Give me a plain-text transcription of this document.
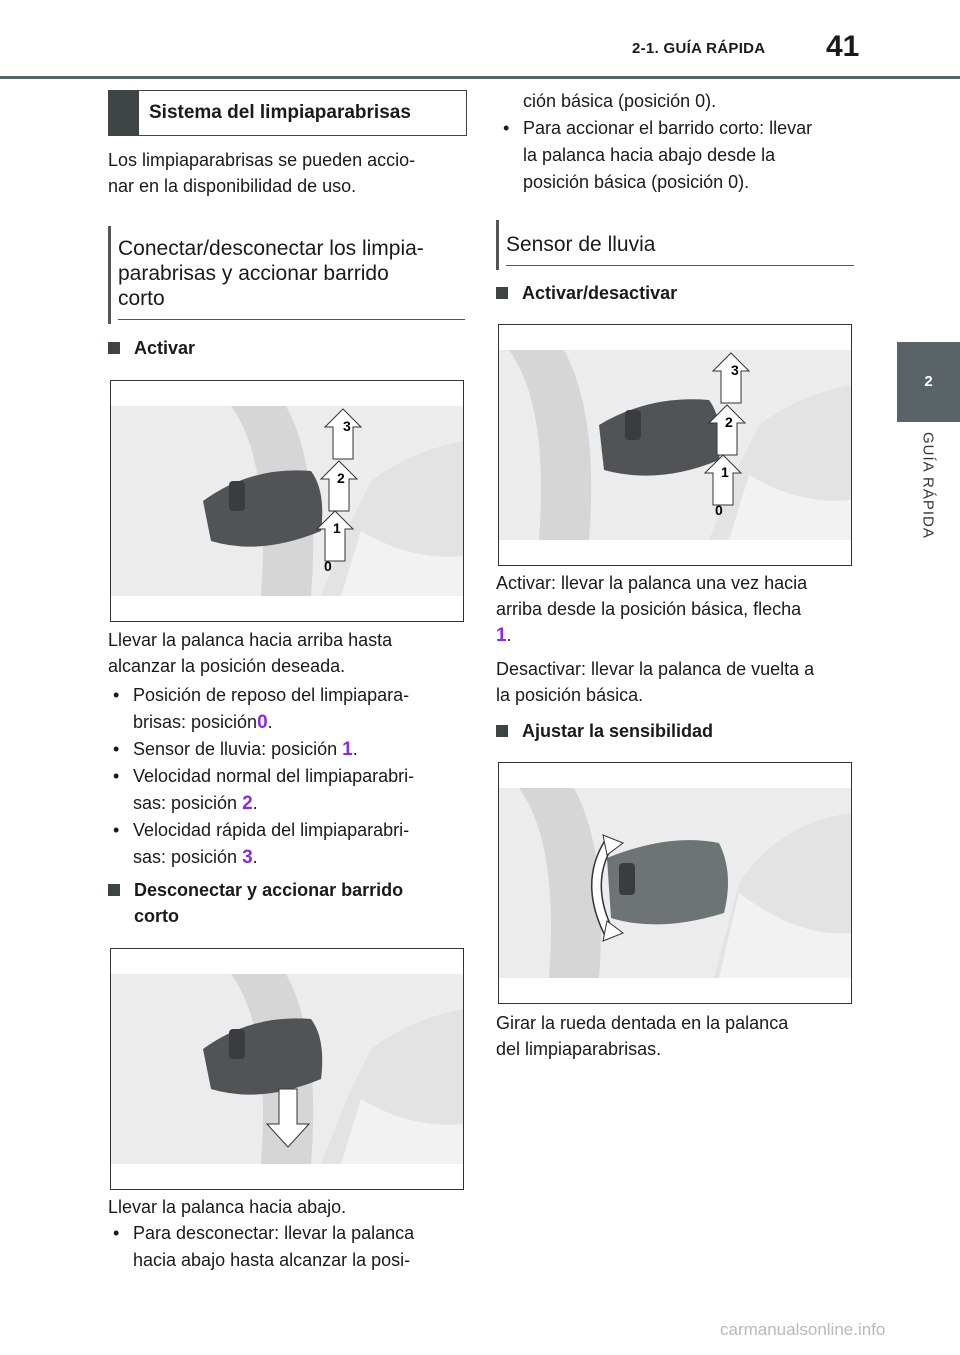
2-1. GUÍA RÁPIDA 41
2
GUÍA RÁPIDA
Sistema del limpiaparabrisas
Los limpiaparabrisas se pueden accio-
nar en la disponibilidad de uso.
Conectar/desconectar los limpia-
parabrisas y accionar barrido
corto
Activar
3
2
1
0
Llevar la palanca hacia arriba hasta
alcanzar la posición deseada.
• Posición de reposo del limpiapara-
brisas: posición0.
• Sensor de lluvia: posición 1.
• Velocidad normal del limpiaparabri-
sas: posición 2.
• Velocidad rápida del limpiaparabri-
sas: posición 3.
Desconectar y accionar barrido
corto
Llevar la palanca hacia abajo.
• Para desconectar: llevar la palanca
hacia abajo hasta alcanzar la posi-
ción básica (posición 0).
• Para accionar el barrido corto: llevar
la palanca hacia abajo desde la
posición básica (posición 0).
Sensor de lluvia
Activar/desactivar
3
2
1
0
Activar: llevar la palanca una vez hacia
arriba desde la posición básica, flecha
1.
Desactivar: llevar la palanca de vuelta a
la posición básica.
Ajustar la sensibilidad
Girar la rueda dentada en la palanca
del limpiaparabrisas.
carmanualsonline.info
